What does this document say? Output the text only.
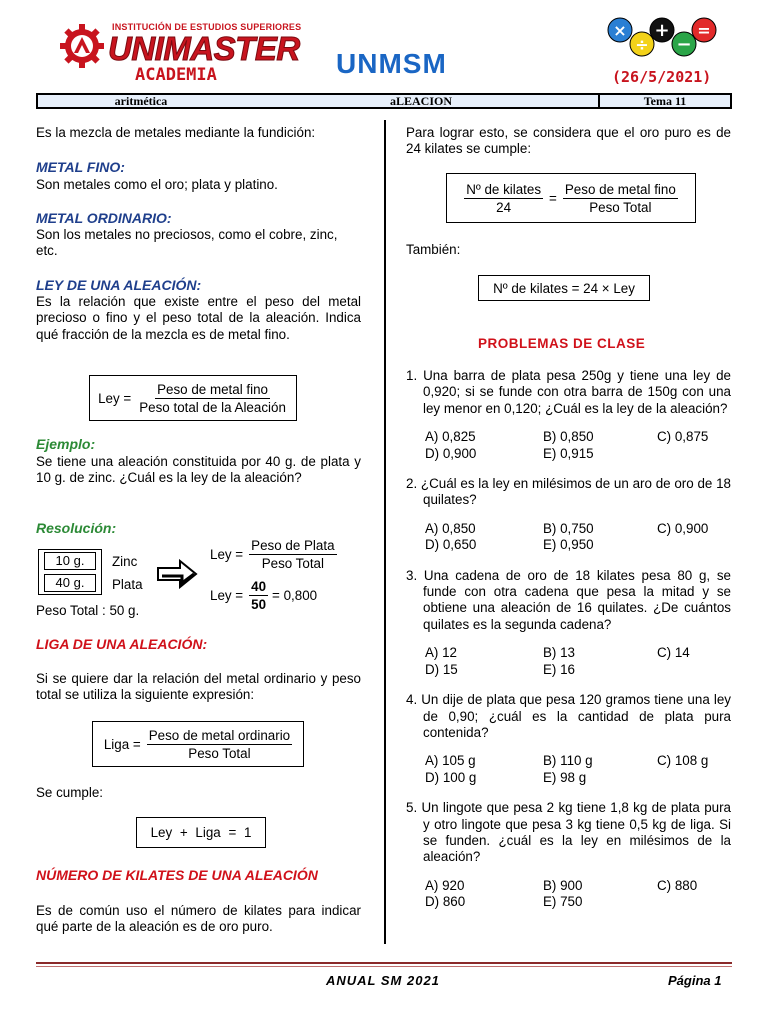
INSTITUCIÓN DE ESTUDIOS SUPERIORES
UNIMASTER
ACADEMIA	UNMSM
×
÷
+
−
=
(26/5/2021)
aritmética	aLEACION	Tema 11
Es la mezcla de metales mediante la fundición:
METAL FINO:
Son metales como el oro; plata y platino.
METAL ORDINARIO:
Son los metales no preciosos, como el cobre, zinc, etc.
LEY DE UNA ALEACIÓN:
Es la relación que existe entre el peso del metal precioso o fino y el peso total de la aleación. Indica qué fracción de la mezcla es de metal fino.
Ley = $\frac{\text{Peso de metal fino}}{\text{Peso total de la Aleación}}$
Ejemplo:
Se tiene una aleación constituida por 40 g. de plata y 10 g. de zinc. ¿Cuál es la ley de la aleación?
Resolución:
10 g.
40 g.
Zinc
Plata
Peso Total : 50 g.
Ley = $\frac{\text{Peso de Plata}}{\text{Peso Total}}$
Ley = $\frac{40}{50} = 0,800$
LIGA DE UNA ALEACIÓN:
Si se quiere dar la relación del metal ordinario y peso total se utiliza la siguiente expresión:
Liga = $\frac{\text{Peso de metal ordinario}}{\text{Peso Total}}$
Se cumple:
Ley + Liga = 1
NÚMERO DE KILATES DE UNA ALEACIÓN
Es de común uso el número de kilates para indicar qué parte de la aleación es de oro puro.
Para lograr esto, se considera que el oro puro es de 24 kilates se cumple:
$\frac{\text{Nº de kilates}}{24} = \frac{\text{Peso de metal fino}}{\text{Peso Total}}$
También:
Nº de kilates = 24 × Ley
PROBLEMAS DE CLASE
1. Una barra de plata pesa 250g y tiene una ley de 0,920; si se funde con otra barra de 150g con una ley menor en 0,120; ¿Cuál es la ley de la aleación?
A) 0,825	B) 0,850	C) 0,875
D) 0,900	E) 0,915
2. ¿Cuál es la ley en milésimos de un aro de oro de 18 quilates?
A) 0,850	B) 0,750	C) 0,900
D) 0,650	E) 0,950
3. Una cadena de oro de 18 kilates pesa 80 g, se funde con otra cadena que pesa la mitad y se obtiene una aleación de 16 quilates. ¿De cuántos quilates es la segunda cadena?
A) 12	B) 13	C) 14
D) 15	E) 16
4. Un dije de plata que pesa 120 gramos tiene una ley de 0,90; ¿cuál es la cantidad de plata pura contenida?
A) 105 g	B) 110 g	C) 108 g
D) 100 g	E) 98 g
5. Un lingote que pesa 2 kg tiene 1,8 kg de plata pura y otro lingote que pesa 3 kg tiene 0,5 kg de liga. Si se funden. ¿cuál es la ley en milésimos de la aleación?
A) 920	B) 900	C) 880
D) 860	E) 750
ANUAL SM 2021	Página 1
